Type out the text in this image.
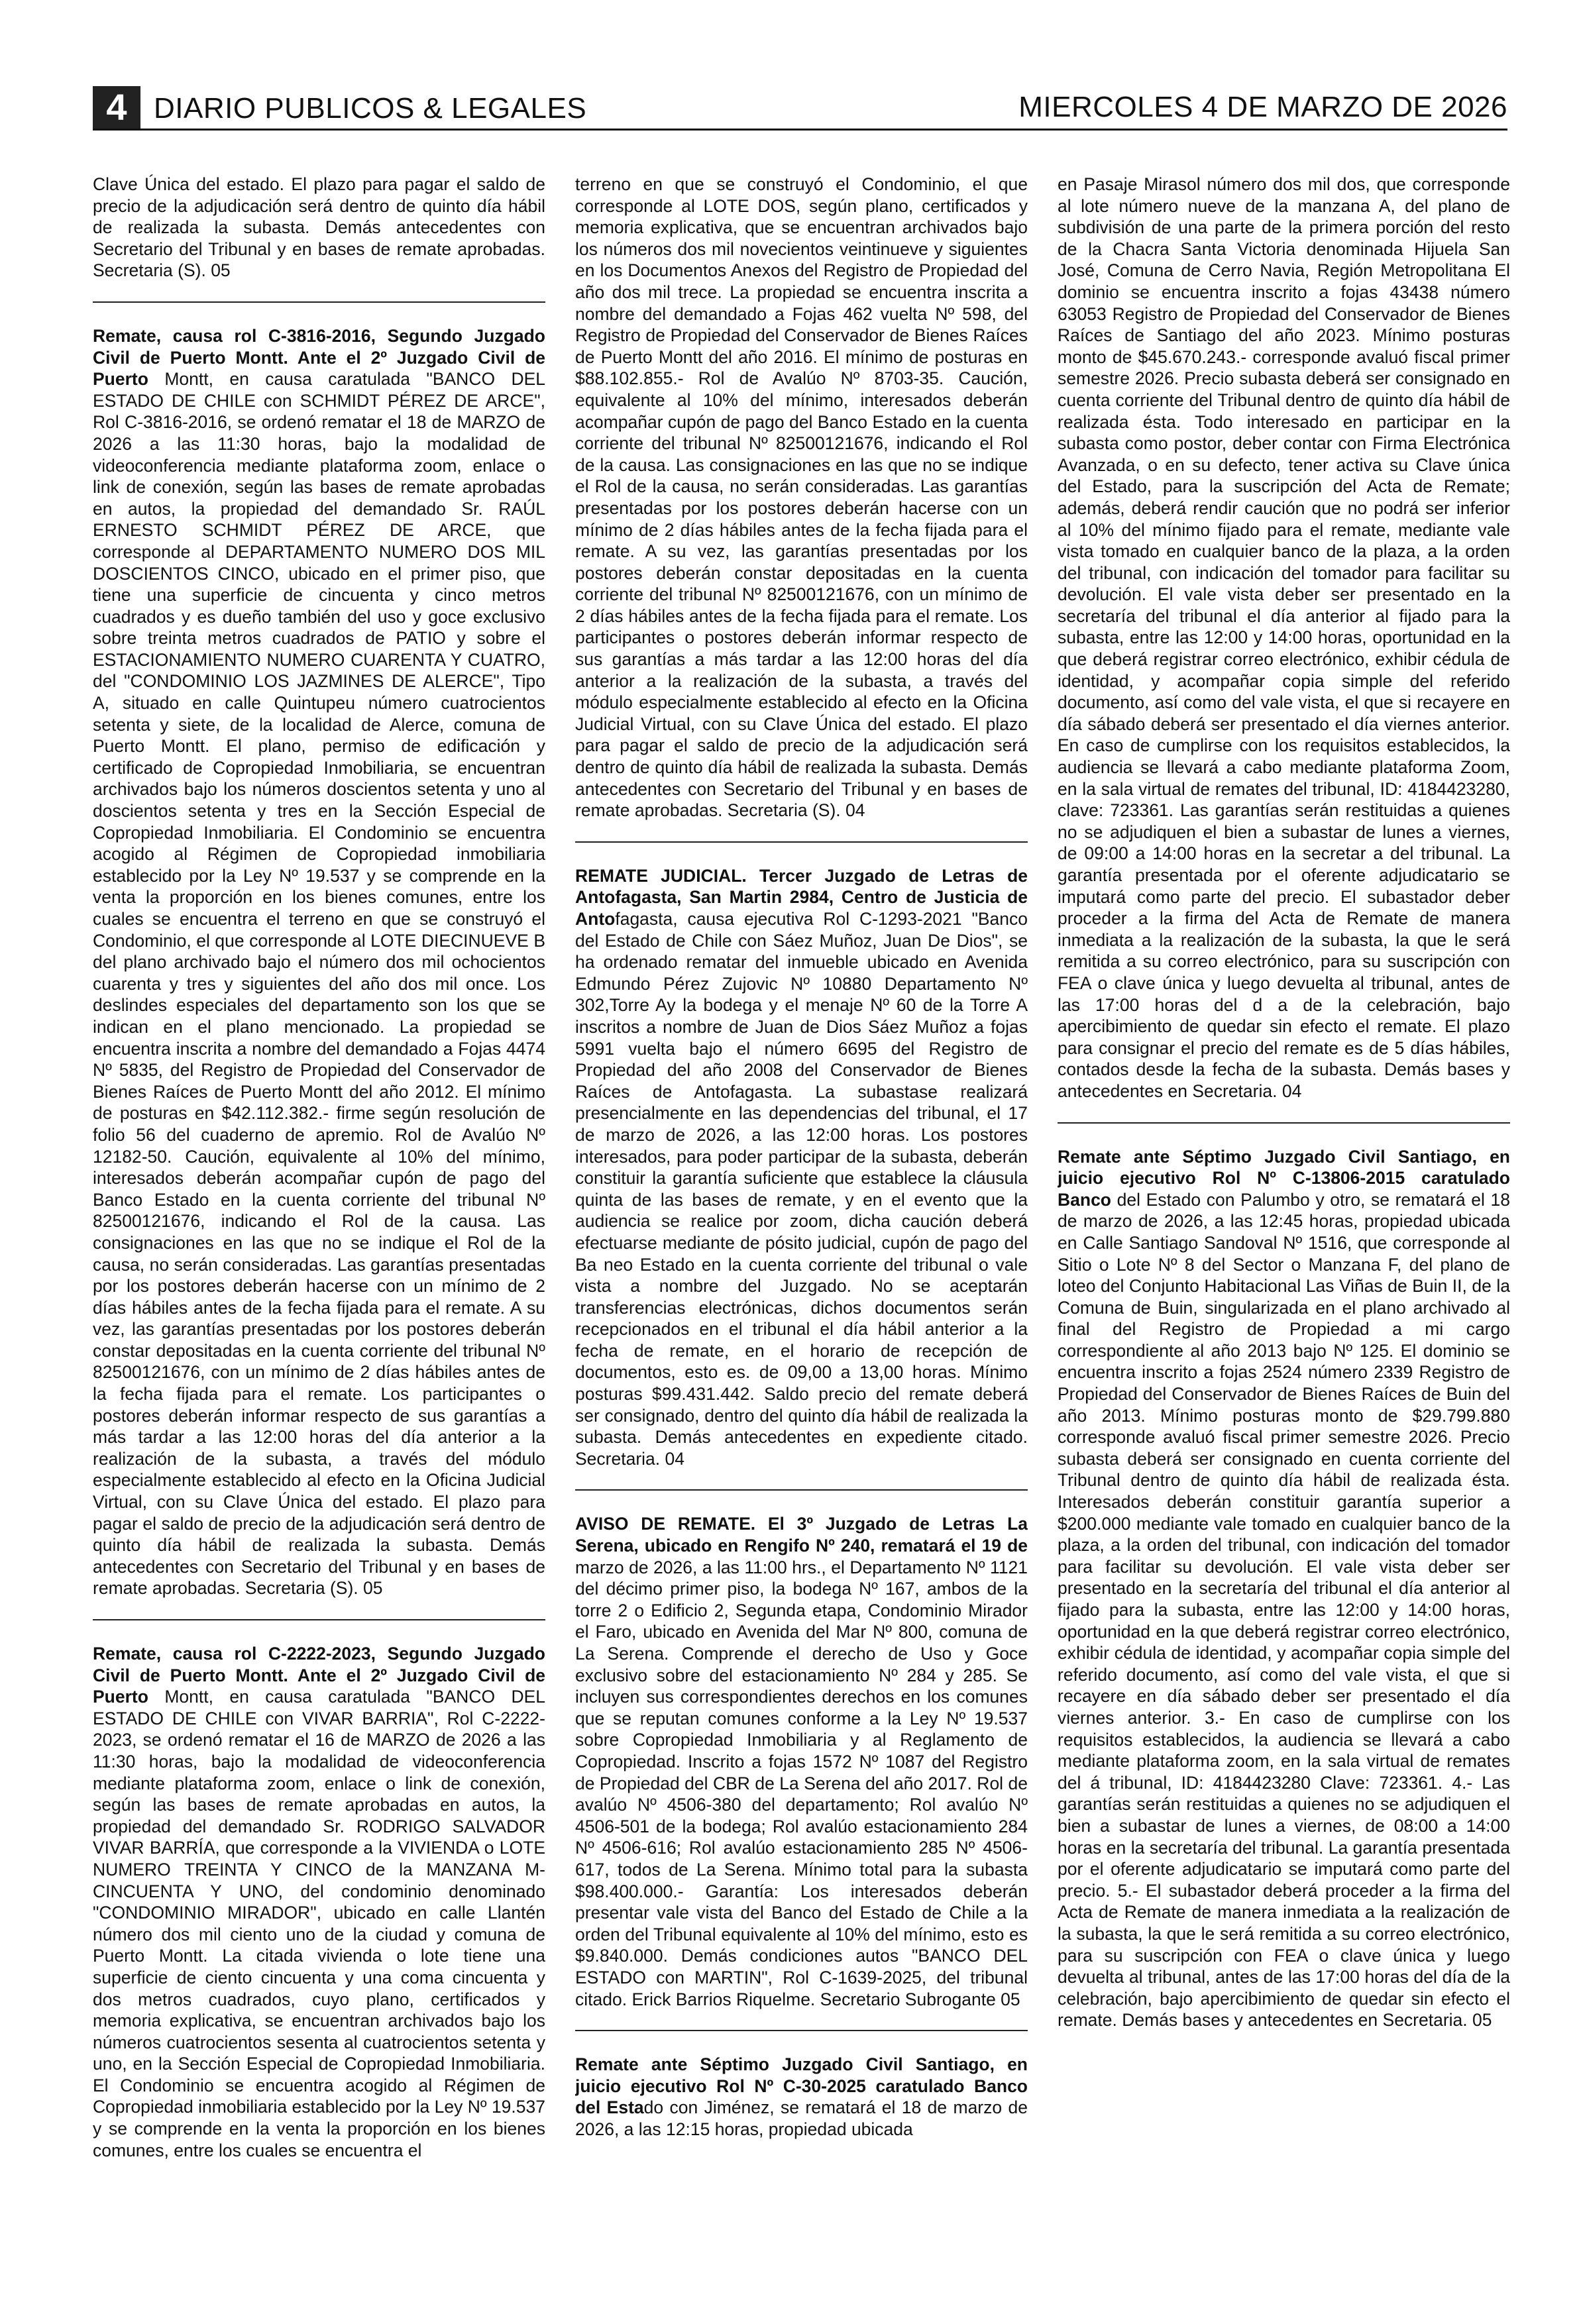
4 DIARIO PUBLICOS & LEGALES	MIERCOLES 4 DE MARZO DE 2026

Clave Única del estado. El plazo para pagar el saldo de precio de la adjudicación será dentro de quinto día hábil de realizada la subasta. Demás antecedentes con Secretario del Tribunal y en bases de remate aprobadas. Secretaria (S). 05

Remate, causa rol C-3816-2016, Segundo Juzgado Civil de Puerto Montt. Ante el 2º Juzgado Civil de Puerto Montt, en causa caratulada "BANCO DEL ESTADO DE CHILE con SCHMIDT PÉREZ DE ARCE", Rol C-3816-2016, se ordenó rematar el 18 de MARZO de 2026 a las 11:30 horas, bajo la modalidad de videoconferencia mediante plataforma zoom, enlace o link de conexión, según las bases de remate aprobadas en autos, la propiedad del demandado Sr. RAÚL ERNESTO SCHMIDT PÉREZ DE ARCE, que corresponde al DEPARTAMENTO NUMERO DOS MIL DOSCIENTOS CINCO, ubicado en el primer piso, que tiene una superficie de cincuenta y cinco metros cuadrados y es dueño también del uso y goce exclusivo sobre treinta metros cuadrados de PATIO y sobre el ESTACIONAMIENTO NUMERO CUARENTA Y CUATRO, del "CONDOMINIO LOS JAZMINES DE ALERCE", Tipo A, situado en calle Quintupeu número cuatrocientos setenta y siete, de la localidad de Alerce, comuna de Puerto Montt. El plano, permiso de edificación y certificado de Copropiedad Inmobiliaria, se encuentran archivados bajo los números doscientos setenta y uno al doscientos setenta y tres en la Sección Especial de Copropiedad Inmobiliaria. El Condominio se encuentra acogido al Régimen de Copropiedad inmobiliaria establecido por la Ley Nº 19.537 y se comprende en la venta la proporción en los bienes comunes, entre los cuales se encuentra el terreno en que se construyó el Condominio, el que corresponde al LOTE DIECINUEVE B del plano archivado bajo el número dos mil ochocientos cuarenta y tres y siguientes del año dos mil once. Los deslindes especiales del departamento son los que se indican en el plano mencionado. La propiedad se encuentra inscrita a nombre del demandado a Fojas 4474 Nº 5835, del Registro de Propiedad del Conservador de Bienes Raíces de Puerto Montt del año 2012. El mínimo de posturas en $42.112.382.- firme según resolución de folio 56 del cuaderno de apremio. Rol de Avalúo Nº 12182-50. Caución, equivalente al 10% del mínimo, interesados deberán acompañar cupón de pago del Banco Estado en la cuenta corriente del tribunal Nº 82500121676, indicando el Rol de la causa. Las consignaciones en las que no se indique el Rol de la causa, no serán consideradas. Las garantías presentadas por los postores deberán hacerse con un mínimo de 2 días hábiles antes de la fecha fijada para el remate. A su vez, las garantías presentadas por los postores deberán constar depositadas en la cuenta corriente del tribunal Nº 82500121676, con un mínimo de 2 días hábiles antes de la fecha fijada para el remate. Los participantes o postores deberán informar respecto de sus garantías a más tardar a las 12:00 horas del día anterior a la realización de la subasta, a través del módulo especialmente establecido al efecto en la Oficina Judicial Virtual, con su Clave Única del estado. El plazo para pagar el saldo de precio de la adjudicación será dentro de quinto día hábil de realizada la subasta. Demás antecedentes con Secretario del Tribunal y en bases de remate aprobadas. Secretaria (S). 05

Remate, causa rol C-2222-2023, Segundo Juzgado Civil de Puerto Montt. Ante el 2º Juzgado Civil de Puerto Montt, en causa caratulada "BANCO DEL ESTADO DE CHILE con VIVAR BARRIA", Rol C-2222-2023, se ordenó rematar el 16 de MARZO de 2026 a las 11:30 horas, bajo la modalidad de videoconferencia mediante plataforma zoom, enlace o link de conexión, según las bases de remate aprobadas en autos, la propiedad del demandado Sr. RODRIGO SALVADOR VIVAR BARRÍA, que corresponde a la VIVIENDA o LOTE NUMERO TREINTA Y CINCO de la MANZANA M-CINCUENTA Y UNO, del condominio denominado "CONDOMINIO MIRADOR", ubicado en calle Llantén número dos mil ciento uno de la ciudad y comuna de Puerto Montt. La citada vivienda o lote tiene una superficie de ciento cincuenta y una coma cincuenta y dos metros cuadrados, cuyo plano, certificados y memoria explicativa, se encuentran archivados bajo los números cuatrocientos sesenta al cuatrocientos setenta y uno, en la Sección Especial de Copropiedad Inmobiliaria. El Condominio se encuentra acogido al Régimen de Copropiedad inmobiliaria establecido por la Ley Nº 19.537 y se comprende en la venta la proporción en los bienes comunes, entre los cuales se encuentra el

terreno en que se construyó el Condominio, el que corresponde al LOTE DOS, según plano, certificados y memoria explicativa, que se encuentran archivados bajo los números dos mil novecientos veintinueve y siguientes en los Documentos Anexos del Registro de Propiedad del año dos mil trece. La propiedad se encuentra inscrita a nombre del demandado a Fojas 462 vuelta Nº 598, del Registro de Propiedad del Conservador de Bienes Raíces de Puerto Montt del año 2016. El mínimo de posturas en $88.102.855.- Rol de Avalúo Nº 8703-35. Caución, equivalente al 10% del mínimo, interesados deberán acompañar cupón de pago del Banco Estado en la cuenta corriente del tribunal Nº 82500121676, indicando el Rol de la causa. Las consignaciones en las que no se indique el Rol de la causa, no serán consideradas. Las garantías presentadas por los postores deberán hacerse con un mínimo de 2 días hábiles antes de la fecha fijada para el remate. A su vez, las garantías presentadas por los postores deberán constar depositadas en la cuenta corriente del tribunal Nº 82500121676, con un mínimo de 2 días hábiles antes de la fecha fijada para el remate. Los participantes o postores deberán informar respecto de sus garantías a más tardar a las 12:00 horas del día anterior a la realización de la subasta, a través del módulo especialmente establecido al efecto en la Oficina Judicial Virtual, con su Clave Única del estado. El plazo para pagar el saldo de precio de la adjudicación será dentro de quinto día hábil de realizada la subasta. Demás antecedentes con Secretario del Tribunal y en bases de remate aprobadas. Secretaria (S). 04

REMATE JUDICIAL. Tercer Juzgado de Letras de Antofagasta, San Martin 2984, Centro de Justicia de Antofagasta, causa ejecutiva Rol C-1293-2021 "Banco del Estado de Chile con Sáez Muñoz, Juan De Dios", se ha ordenado rematar del inmueble ubicado en Avenida Edmundo Pérez Zujovic Nº 10880 Departamento Nº 302,Torre Ay la bodega y el menaje Nº 60 de la Torre A inscritos a nombre de Juan de Dios Sáez Muñoz a fojas 5991 vuelta bajo el número 6695 del Registro de Propiedad del año 2008 del Conservador de Bienes Raíces de Antofagasta. La subastase realizará presencialmente en las dependencias del tribunal, el 17 de marzo de 2026, a las 12:00 horas. Los postores interesados, para poder participar de la subasta, deberán constituir la garantía suficiente que establece la cláusula quinta de las bases de remate, y en el evento que la audiencia se realice por zoom, dicha caución deberá efectuarse mediante de pósito judicial, cupón de pago del Ba neo Estado en la cuenta corriente del tribunal o vale vista a nombre del Juzgado. No se aceptarán transferencias electrónicas, dichos documentos serán recepcionados en el tribunal el día hábil anterior a la fecha de remate, en el horario de recepción de documentos, esto es. de 09,00 a 13,00 horas. Mínimo posturas $99.431.442. Saldo precio del remate deberá ser consignado, dentro del quinto día hábil de realizada la subasta. Demás antecedentes en expediente citado. Secretaria. 04

AVISO DE REMATE. El 3º Juzgado de Letras La Serena, ubicado en Rengifo Nº 240, rematará el 19 de marzo de 2026, a las 11:00 hrs., el Departamento Nº 1121 del décimo primer piso, la bodega Nº 167, ambos de la torre 2 o Edificio 2, Segunda etapa, Condominio Mirador el Faro, ubicado en Avenida del Mar Nº 800, comuna de La Serena. Comprende el derecho de Uso y Goce exclusivo sobre del estacionamiento Nº 284 y 285. Se incluyen sus correspondientes derechos en los comunes que se reputan comunes conforme a la Ley Nº 19.537 sobre Copropiedad Inmobiliaria y al Reglamento de Copropiedad. Inscrito a fojas 1572 Nº 1087 del Registro de Propiedad del CBR de La Serena del año 2017. Rol de avalúo Nº 4506-380 del departamento; Rol avalúo Nº 4506-501 de la bodega; Rol avalúo estacionamiento 284 Nº 4506-616; Rol avalúo estacionamiento 285 Nº 4506-617, todos de La Serena. Mínimo total para la subasta $98.400.000.- Garantía: Los interesados deberán presentar vale vista del Banco del Estado de Chile a la orden del Tribunal equivalente al 10% del mínimo, esto es $9.840.000. Demás condiciones autos "BANCO DEL ESTADO con MARTIN", Rol C-1639-2025, del tribunal citado. Erick Barrios Riquelme. Secretario Subrogante 05

Remate ante Séptimo Juzgado Civil Santiago, en juicio ejecutivo Rol Nº C-30-2025 caratulado Banco del Estado con Jiménez, se rematará el 18 de marzo de 2026, a las 12:15 horas, propiedad ubicada

en Pasaje Mirasol número dos mil dos, que corresponde al lote número nueve de la manzana A, del plano de subdivisión de una parte de la primera porción del resto de la Chacra Santa Victoria denominada Hijuela San José, Comuna de Cerro Navia, Región Metropolitana El dominio se encuentra inscrito a fojas 43438 número 63053 Registro de Propiedad del Conservador de Bienes Raíces de Santiago del año 2023. Mínimo posturas monto de $45.670.243.- corresponde avaluó fiscal primer semestre 2026. Precio subasta deberá ser consignado en cuenta corriente del Tribunal dentro de quinto día hábil de realizada ésta. Todo interesado en participar en la subasta como postor, deber contar con Firma Electrónica Avanzada, o en su defecto, tener activa su Clave única del Estado, para la suscripción del Acta de Remate; además, deberá rendir caución que no podrá ser inferior al 10% del mínimo fijado para el remate, mediante vale vista tomado en cualquier banco de la plaza, a la orden del tribunal, con indicación del tomador para facilitar su devolución. El vale vista deber ser presentado en la secretaría del tribunal el día anterior al fijado para la subasta, entre las 12:00 y 14:00 horas, oportunidad en la que deberá registrar correo electrónico, exhibir cédula de identidad, y acompañar copia simple del referido documento, así como del vale vista, el que si recayere en día sábado deberá ser presentado el día viernes anterior. En caso de cumplirse con los requisitos establecidos, la audiencia se llevará a cabo mediante plataforma Zoom, en la sala virtual de remates del tribunal, ID: 4184423280, clave: 723361. Las garantías serán restituidas a quienes no se adjudiquen el bien a subastar de lunes a viernes, de 09:00 a 14:00 horas en la secretar a del tribunal. La garantía presentada por el oferente adjudicatario se imputará como parte del precio. El subastador deber proceder a la firma del Acta de Remate de manera inmediata a la realización de la subasta, la que le será remitida a su correo electrónico, para su suscripción con FEA o clave única y luego devuelta al tribunal, antes de las 17:00 horas del d a de la celebración, bajo apercibimiento de quedar sin efecto el remate. El plazo para consignar el precio del remate es de 5 días hábiles, contados desde la fecha de la subasta. Demás bases y antecedentes en Secretaria. 04

Remate ante Séptimo Juzgado Civil Santiago, en juicio ejecutivo Rol Nº C-13806-2015 caratulado Banco del Estado con Palumbo y otro, se rematará el 18 de marzo de 2026, a las 12:45 horas, propiedad ubicada en Calle Santiago Sandoval Nº 1516, que corresponde al Sitio o Lote Nº 8 del Sector o Manzana F, del plano de loteo del Conjunto Habitacional Las Viñas de Buin II, de la Comuna de Buin, singularizada en el plano archivado al final del Registro de Propiedad a mi cargo correspondiente al año 2013 bajo Nº 125. El dominio se encuentra inscrito a fojas 2524 número 2339 Registro de Propiedad del Conservador de Bienes Raíces de Buin del año 2013. Mínimo posturas monto de $29.799.880 corresponde avaluó fiscal primer semestre 2026. Precio subasta deberá ser consignado en cuenta corriente del Tribunal dentro de quinto día hábil de realizada ésta. Interesados deberán constituir garantía superior a $200.000 mediante vale tomado en cualquier banco de la plaza, a la orden del tribunal, con indicación del tomador para facilitar su devolución. El vale vista deber ser presentado en la secretaría del tribunal el día anterior al fijado para la subasta, entre las 12:00 y 14:00 horas, oportunidad en la que deberá registrar correo electrónico, exhibir cédula de identidad, y acompañar copia simple del referido documento, así como del vale vista, el que si recayere en día sábado deber ser presentado el día viernes anterior. 3.- En caso de cumplirse con los requisitos establecidos, la audiencia se llevará a cabo mediante plataforma zoom, en la sala virtual de remates del á tribunal, ID: 4184423280 Clave: 723361. 4.- Las garantías serán restituidas a quienes no se adjudiquen el bien a subastar de lunes a viernes, de 08:00 a 14:00 horas en la secretaría del tribunal. La garantía presentada por el oferente adjudicatario se imputará como parte del precio. 5.- El subastador deberá proceder a la firma del Acta de Remate de manera inmediata a la realización de la subasta, la que le será remitida a su correo electrónico, para su suscripción con FEA o clave única y luego devuelta al tribunal, antes de las 17:00 horas del día de la celebración, bajo apercibimiento de quedar sin efecto el remate. Demás bases y antecedentes en Secretaria. 05
